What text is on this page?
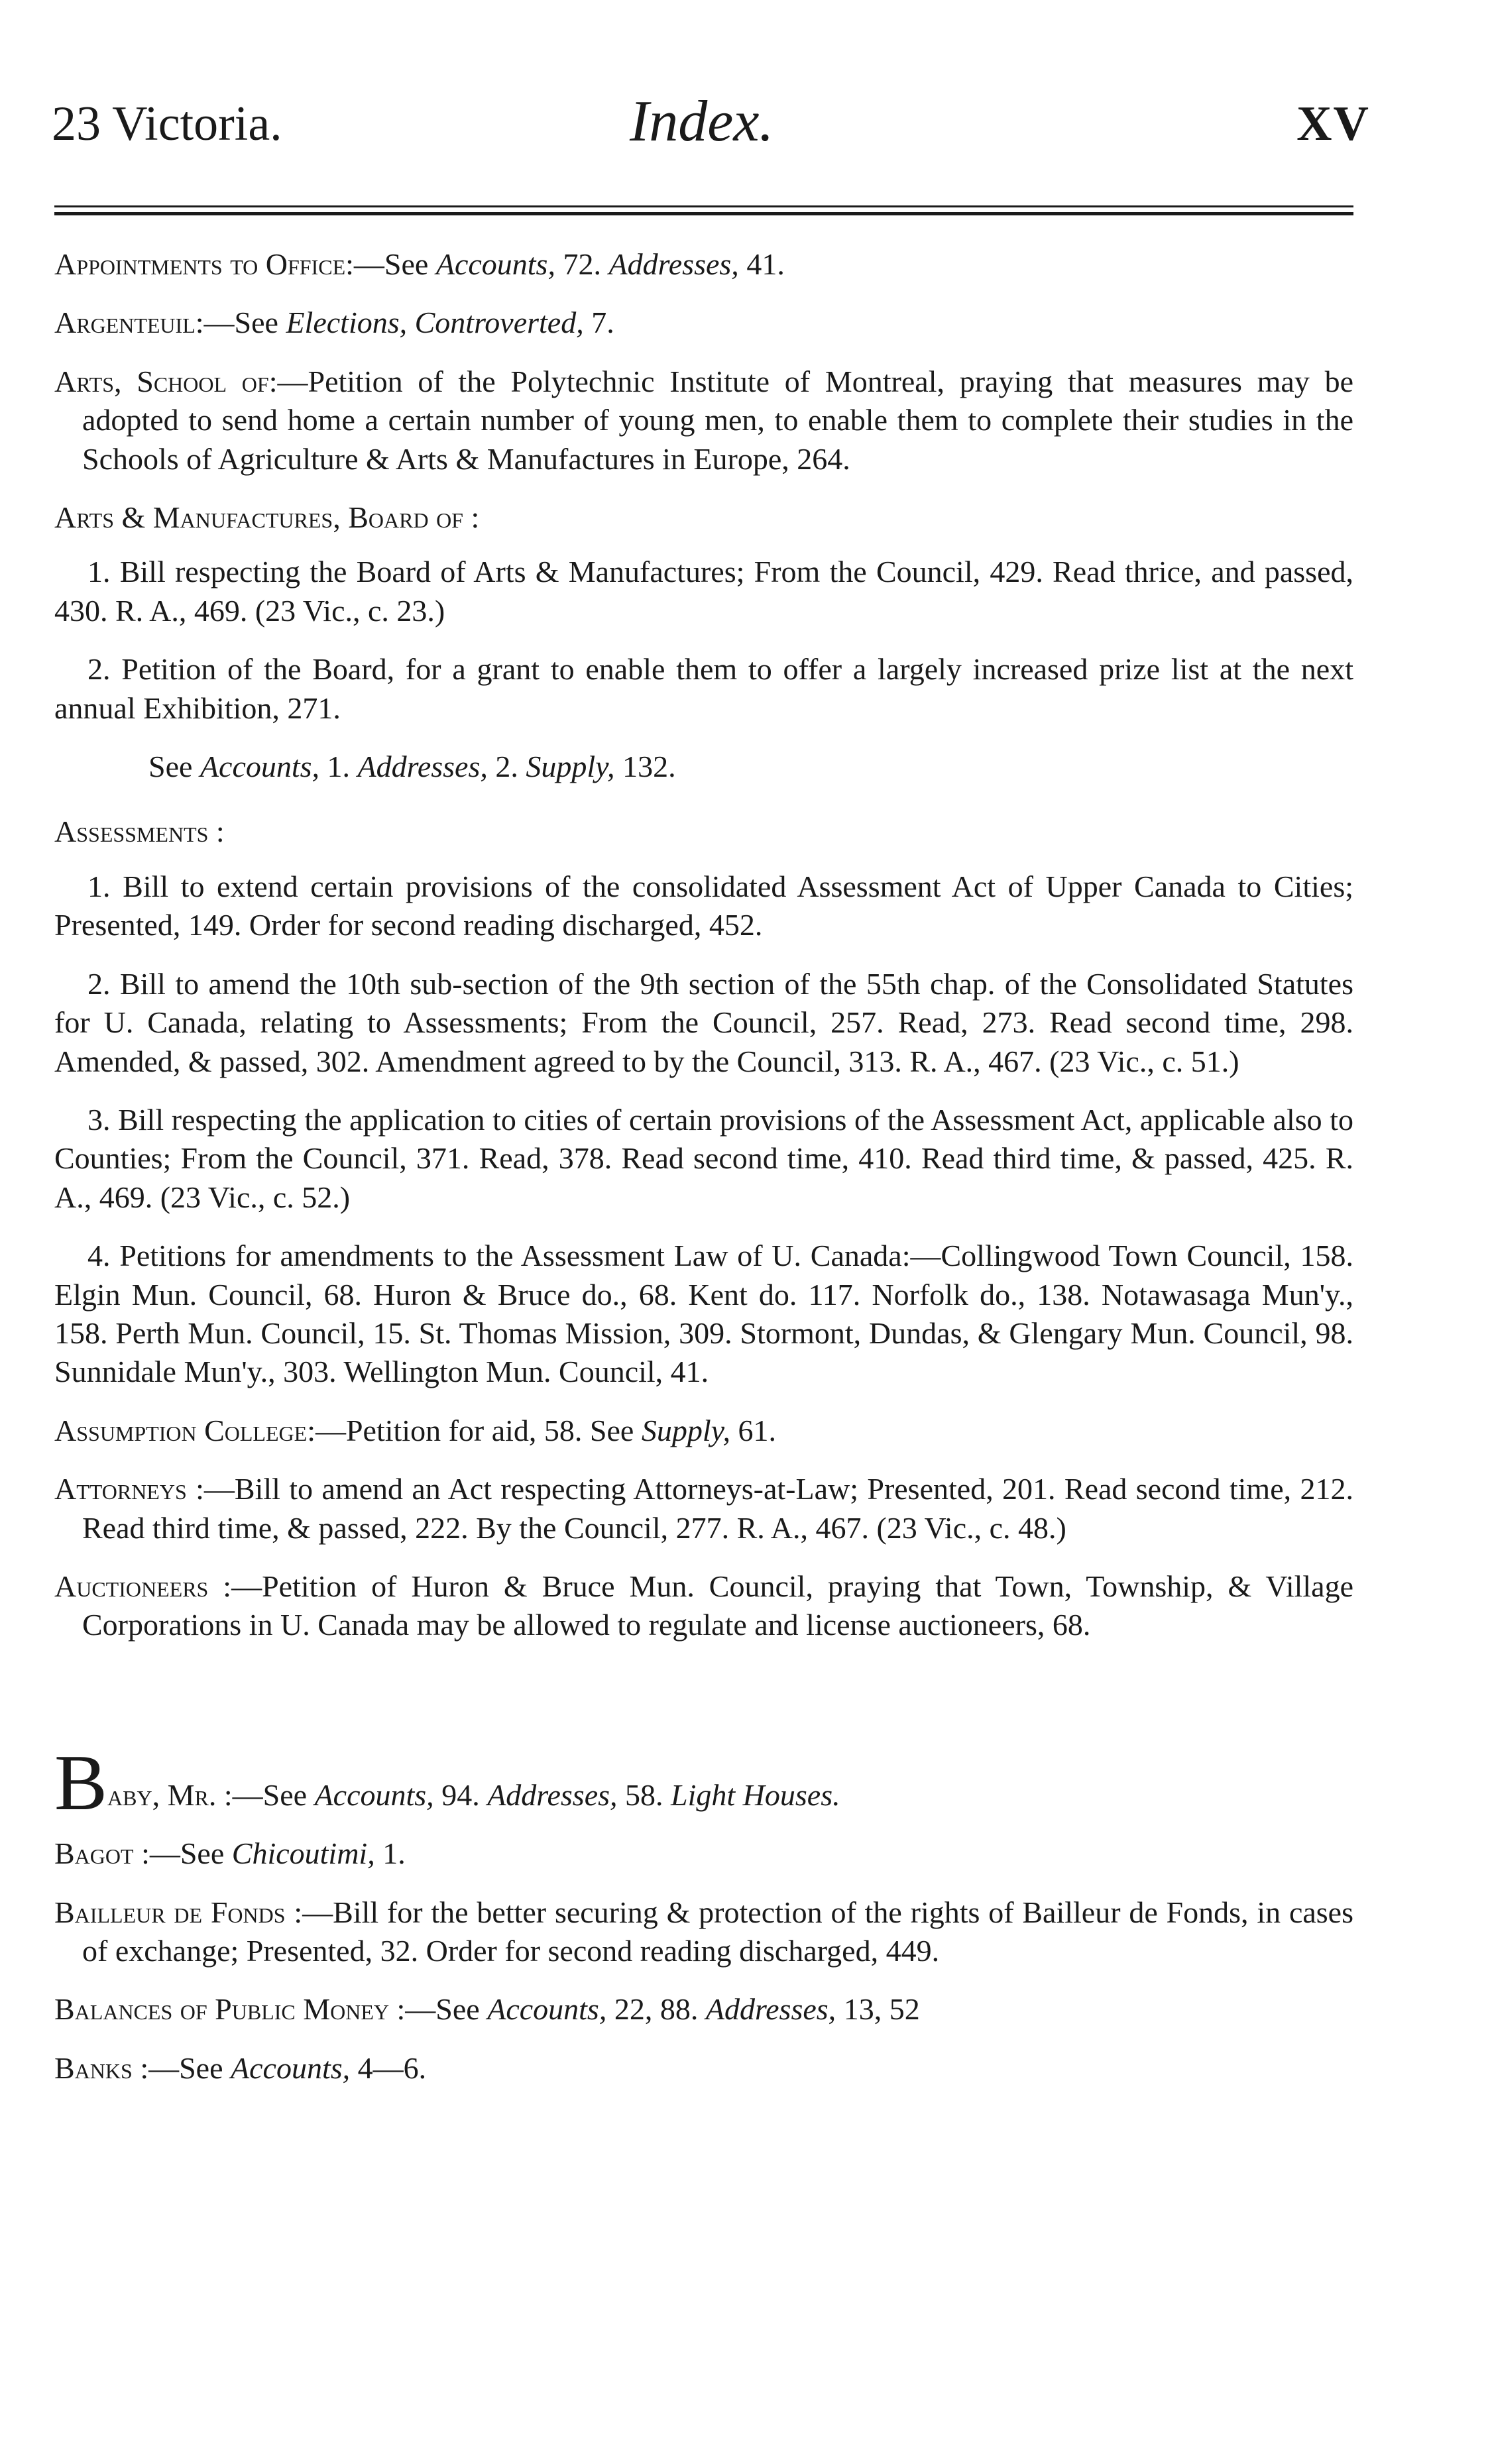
23 Victoria.	Index.	XV

Appointments to Office:—See Accounts, 72. Addresses, 41.

Argenteuil:—See Elections, Controverted, 7.

Arts, School of:—Petition of the Polytechnic Institute of Montreal, praying that measures may be adopted to send home a certain number of young men, to enable them to complete their studies in the Schools of Agriculture & Arts & Manufactures in Europe, 264.

Arts & Manufactures, Board of :

1. Bill respecting the Board of Arts & Manufactures; From the Council, 429. Read thrice, and passed, 430. R. A., 469. (23 Vic., c. 23.)

2. Petition of the Board, for a grant to enable them to offer a largely increased prize list at the next annual Exhibition, 271.

See Accounts, 1. Addresses, 2. Supply, 132.

Assessments :

1. Bill to extend certain provisions of the consolidated Assessment Act of Upper Canada to Cities; Presented, 149. Order for second reading discharged, 452.

2. Bill to amend the 10th sub-section of the 9th section of the 55th chap. of the Consolidated Statutes for U. Canada, relating to Assessments; From the Council, 257. Read, 273. Read second time, 298. Amended, & passed, 302. Amendment agreed to by the Council, 313. R. A., 467. (23 Vic., c. 51.)

3. Bill respecting the application to cities of certain provisions of the Assessment Act, applicable also to Counties; From the Council, 371. Read, 378. Read second time, 410. Read third time, & passed, 425. R. A., 469. (23 Vic., c. 52.)

4. Petitions for amendments to the Assessment Law of U. Canada:—Collingwood Town Council, 158. Elgin Mun. Council, 68. Huron & Bruce do., 68. Kent do. 117. Norfolk do., 138. Notawasaga Mun'y., 158. Perth Mun. Council, 15. St. Thomas Mission, 309. Stormont, Dundas, & Glengary Mun. Council, 98. Sunnidale Mun'y., 303. Wellington Mun. Council, 41.

Assumption College:—Petition for aid, 58. See Supply, 61.

Attorneys :—Bill to amend an Act respecting Attorneys-at-Law; Presented, 201. Read second time, 212. Read third time, & passed, 222. By the Council, 277. R. A., 467. (23 Vic., c. 48.)

Auctioneers :—Petition of Huron & Bruce Mun. Council, praying that Town, Township, & Village Corporations in U. Canada may be allowed to regulate and license auctioneers, 68.

Baby, Mr. :—See Accounts, 94. Addresses, 58. Light Houses.

Bagot :—See Chicoutimi, 1.

Bailleur de Fonds :—Bill for the better securing & protection of the rights of Bailleur de Fonds, in cases of exchange; Presented, 32. Order for second reading discharged, 449.

Balances of Public Money :—See Accounts, 22, 88. Addresses, 13, 52

Banks :—See Accounts, 4—6.
